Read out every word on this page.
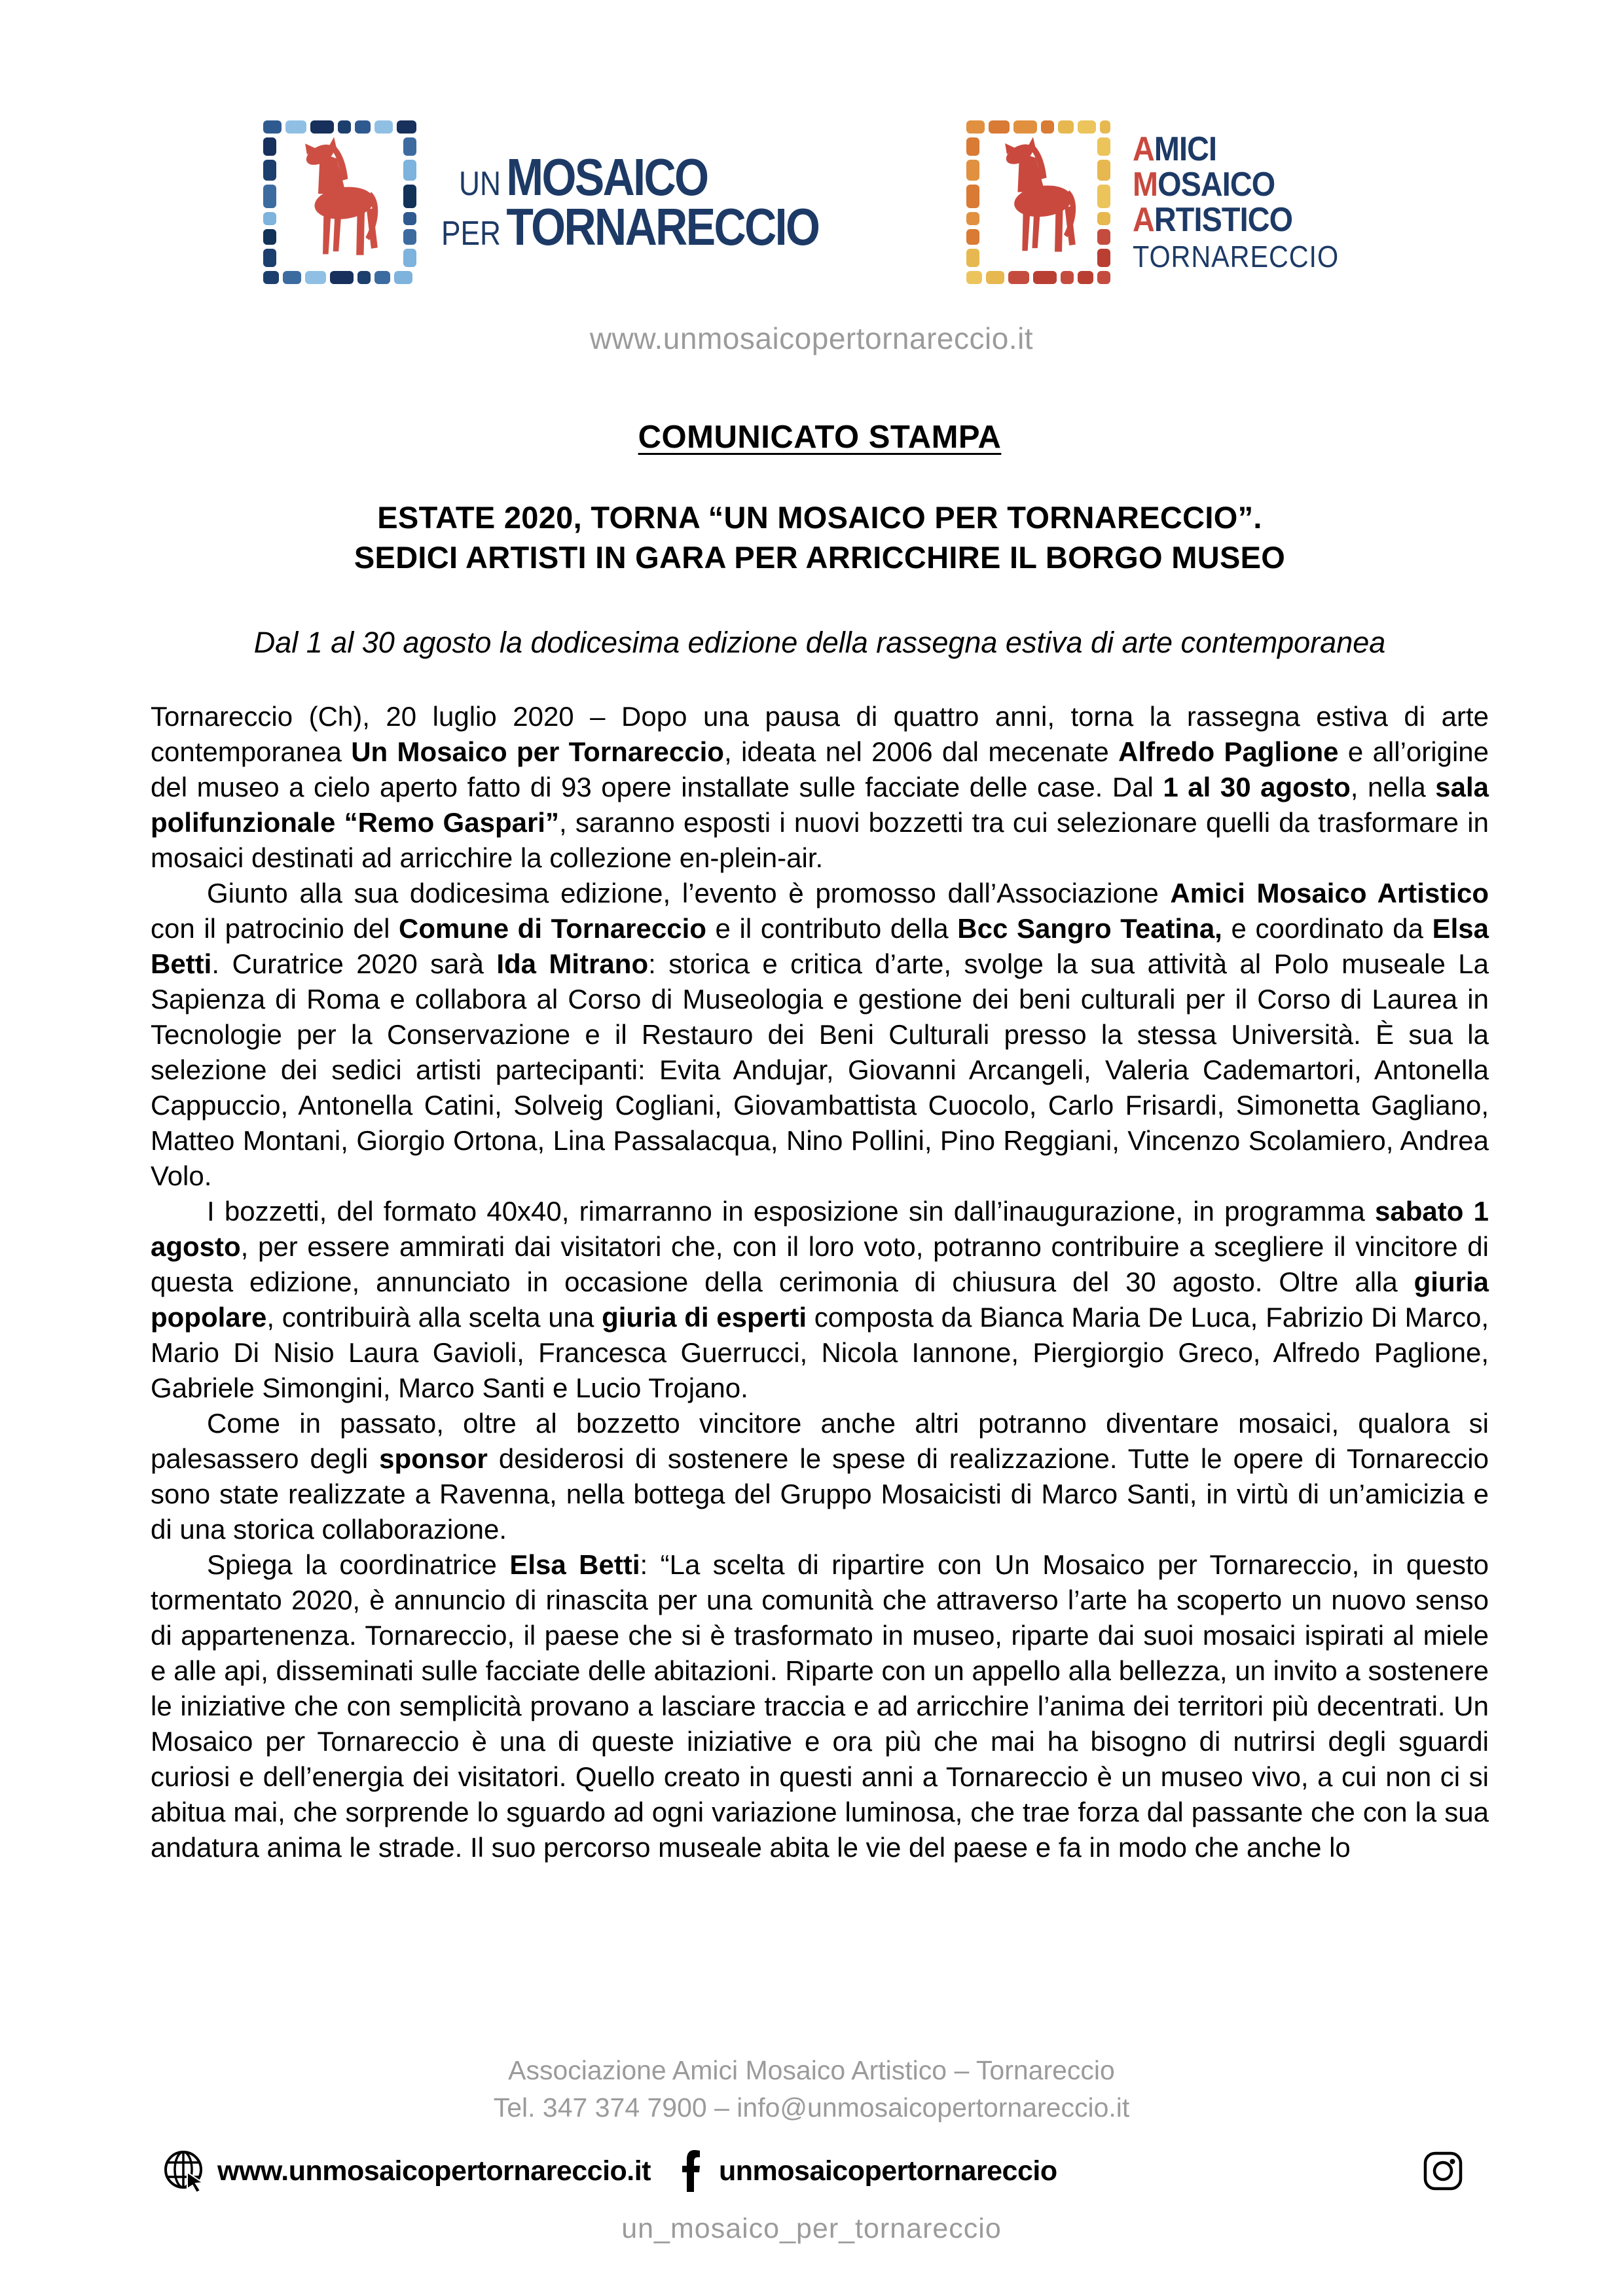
UN MOSAICO
PER TORNARECCIO
AMICI
MOSAICO
ARTISTICO
TORNARECCIO
www.unmosaicopertornareccio.it
COMUNICATO STAMPA
ESTATE 2020, TORNA “UN MOSAICO PER TORNARECCIO”.
SEDICI ARTISTI IN GARA PER ARRICCHIRE IL BORGO MUSEO
Dal 1 al 30 agosto la dodicesima edizione della rassegna estiva di arte contemporanea

Tornareccio (Ch), 20 luglio 2020 – Dopo una pausa di quattro anni, torna la rassegna estiva di arte contemporanea Un Mosaico per Tornareccio, ideata nel 2006 dal mecenate Alfredo Paglione e all’origine del museo a cielo aperto fatto di 93 opere installate sulle facciate delle case. Dal 1 al 30 agosto, nella sala polifunzionale “Remo Gaspari”, saranno esposti i nuovi bozzetti tra cui selezionare quelli da trasformare in mosaici destinati ad arricchire la collezione en-plein-air.

Giunto alla sua dodicesima edizione, l’evento è promosso dall’Associazione Amici Mosaico Artistico con il patrocinio del Comune di Tornareccio e il contributo della Bcc Sangro Teatina, e coordinato da Elsa Betti. Curatrice 2020 sarà Ida Mitrano: storica e critica d’arte, svolge la sua attività al Polo museale La Sapienza di Roma e collabora al Corso di Museologia e gestione dei beni culturali per il Corso di Laurea in Tecnologie per la Conservazione e il Restauro dei Beni Culturali presso la stessa Università. È sua la selezione dei sedici artisti partecipanti: Evita Andujar, Giovanni Arcangeli, Valeria Cademartori, Antonella Cappuccio, Antonella Catini, Solveig Cogliani, Giovambattista Cuocolo, Carlo Frisardi, Simonetta Gagliano, Matteo Montani, Giorgio Ortona, Lina Passalacqua, Nino Pollini, Pino Reggiani, Vincenzo Scolamiero, Andrea Volo.

I bozzetti, del formato 40x40, rimarranno in esposizione sin dall’inaugurazione, in programma sabato 1 agosto, per essere ammirati dai visitatori che, con il loro voto, potranno contribuire a scegliere il vincitore di questa edizione, annunciato in occasione della cerimonia di chiusura del 30 agosto. Oltre alla giuria popolare, contribuirà alla scelta una giuria di esperti composta da Bianca Maria De Luca, Fabrizio Di Marco, Mario Di Nisio Laura Gavioli, Francesca Guerrucci, Nicola Iannone, Piergiorgio Greco, Alfredo Paglione, Gabriele Simongini, Marco Santi e Lucio Trojano.

Come in passato, oltre al bozzetto vincitore anche altri potranno diventare mosaici, qualora si palesassero degli sponsor desiderosi di sostenere le spese di realizzazione. Tutte le opere di Tornareccio sono state realizzate a Ravenna, nella bottega del Gruppo Mosaicisti di Marco Santi, in virtù di un’amicizia e di una storica collaborazione.

Spiega la coordinatrice Elsa Betti: “La scelta di ripartire con Un Mosaico per Tornareccio, in questo tormentato 2020, è annuncio di rinascita per una comunità che attraverso l’arte ha scoperto un nuovo senso di appartenenza. Tornareccio, il paese che si è trasformato in museo, riparte dai suoi mosaici ispirati al miele e alle api, disseminati sulle facciate delle abitazioni. Riparte con un appello alla bellezza, un invito a sostenere le iniziative che con semplicità provano a lasciare traccia e ad arricchire l’anima dei territori più decentrati. Un Mosaico per Tornareccio è una di queste iniziative e ora più che mai ha bisogno di nutrirsi degli sguardi curiosi e dell’energia dei visitatori. Quello creato in questi anni a Tornareccio è un museo vivo, a cui non ci si abitua mai, che sorprende lo sguardo ad ogni variazione luminosa, che trae forza dal passante che con la sua andatura anima le strade. Il suo percorso museale abita le vie del paese e fa in modo che anche lo

Associazione Amici Mosaico Artistico – Tornareccio
Tel. 347 374 7900 – info@unmosaicopertornareccio.it
www.unmosaicopertornareccio.it unmosaicopertornareccio
un_mosaico_per_tornareccio
